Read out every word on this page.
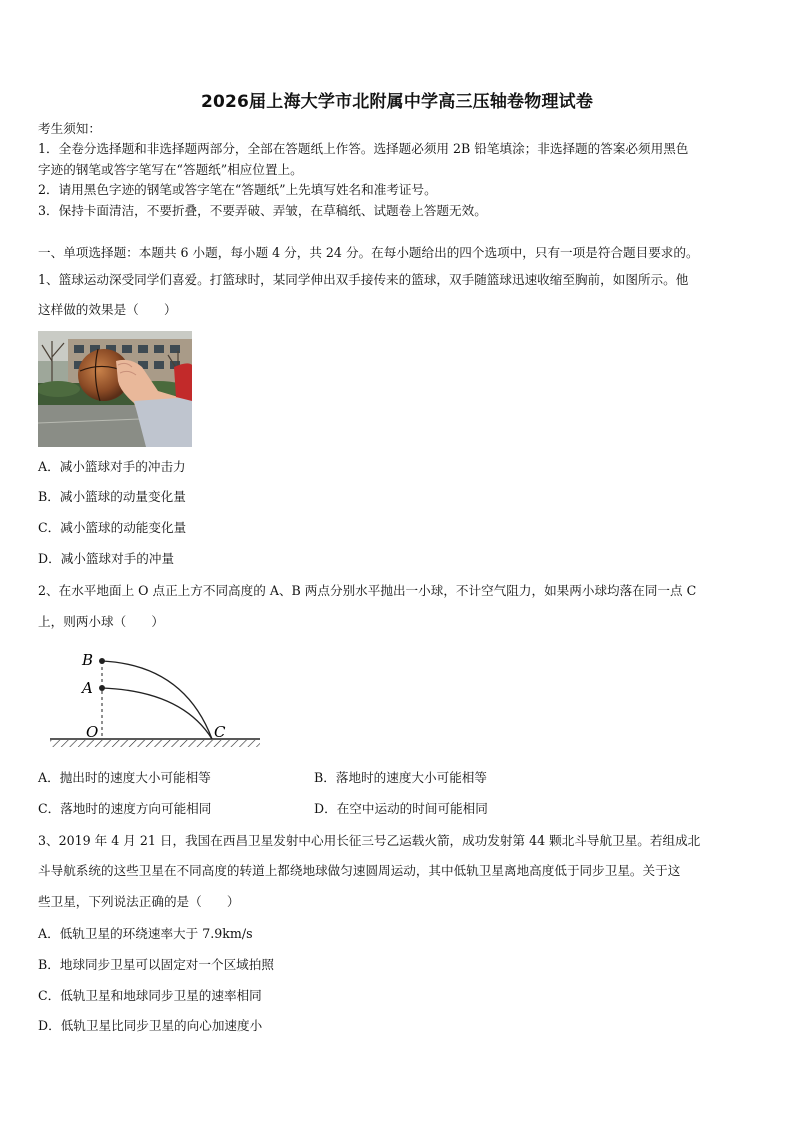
2026届上海大学市北附属中学高三压轴卷物理试卷
考生须知：
1．全卷分选择题和非选择题两部分，全部在答题纸上作答。选择题必须用 2B 铅笔填涂；非选择题的答案必须用黑色
字迹的钢笔或答字笔写在“答题纸”相应位置上。
2．请用黑色字迹的钢笔或答字笔在“答题纸”上先填写姓名和准考证号。
3．保持卡面清洁，不要折叠，不要弄破、弄皱，在草稿纸、试题卷上答题无效。
一、单项选择题：本题共 6 小题，每小题 4 分，共 24 分。在每小题给出的四个选项中，只有一项是符合题目要求的。
1、篮球运动深受同学们喜爱。打篮球时，某同学伸出双手接传来的篮球，双手随篮球迅速收缩至胸前，如图所示。他
这样做的效果是（　　）
A．减小篮球对手的冲击力
B．减小篮球的动量变化量
C．减小篮球的动能变化量
D．减小篮球对手的冲量
2、在水平地面上 O 点正上方不同高度的 A、B 两点分别水平抛出一小球，不计空气阻力，如果两小球均落在同一点 C
上，则两小球（　　）
B
A
O	C
A．抛出时的速度大小可能相等	B．落地时的速度大小可能相等
C．落地时的速度方向可能相同	D．在空中运动的时间可能相同
3、2019 年 4 月 21 日，我国在西昌卫星发射中心用长征三号乙运载火箭，成功发射第 44 颗北斗导航卫星。若组成北
斗导航系统的这些卫星在不同高度的转道上都绕地球做匀速圆周运动，其中低轨卫星离地高度低于同步卫星。关于这
些卫星，下列说法正确的是（　　）
A．低轨卫星的环绕速率大于 7.9km/s
B．地球同步卫星可以固定对一个区域拍照
C．低轨卫星和地球同步卫星的速率相同
D．低轨卫星比同步卫星的向心加速度小
